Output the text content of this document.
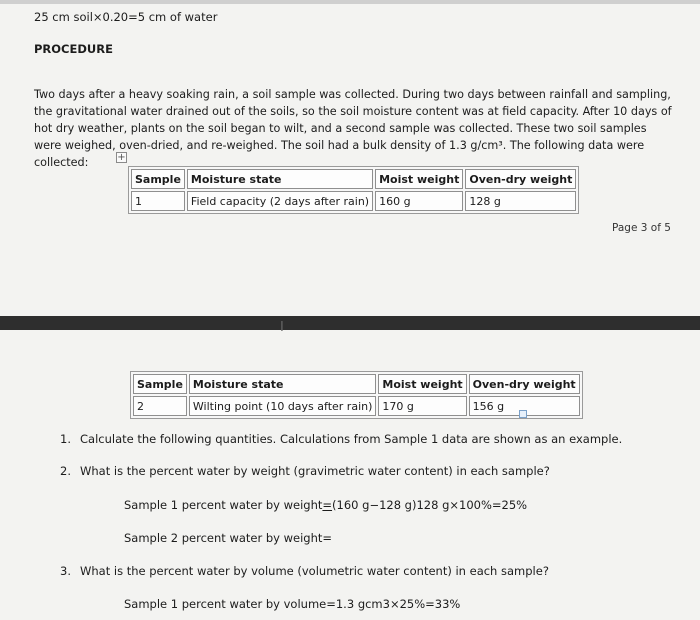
25 cm soil×0.20=5 cm of water
PROCEDURE
Two days after a heavy soaking rain, a soil sample was collected. During two days between rainfall and sampling, the gravitational water drained out of the soils, so the soil moisture content was at field capacity. After 10 days of hot dry weather, plants on the soil began to wilt, and a second sample was collected. These two soil samples were weighed, oven-dried, and re-weighed. The soil had a bulk density of 1.3 g/cm³. The following data were collected:	+
Sample	Moisture state	Moist weight	Oven-dry weight
1	Field capacity (2 days after rain)	160 g	128 g
Page 3 of 5
I
Sample	Moisture state	Moist weight	Oven-dry weight
2	Wilting point (10 days after rain)	170 g	156 g
1. Calculate the following quantities. Calculations from Sample 1 data are shown as an example.
2. What is the percent water by weight (gravimetric water content) in each sample?
Sample 1 percent water by weight=(160 g−128 g)128 g×100%=25%
Sample 2 percent water by weight=
3. What is the percent water by volume (volumetric water content) in each sample?
Sample 1 percent water by volume=1.3 gcm3×25%=33%
